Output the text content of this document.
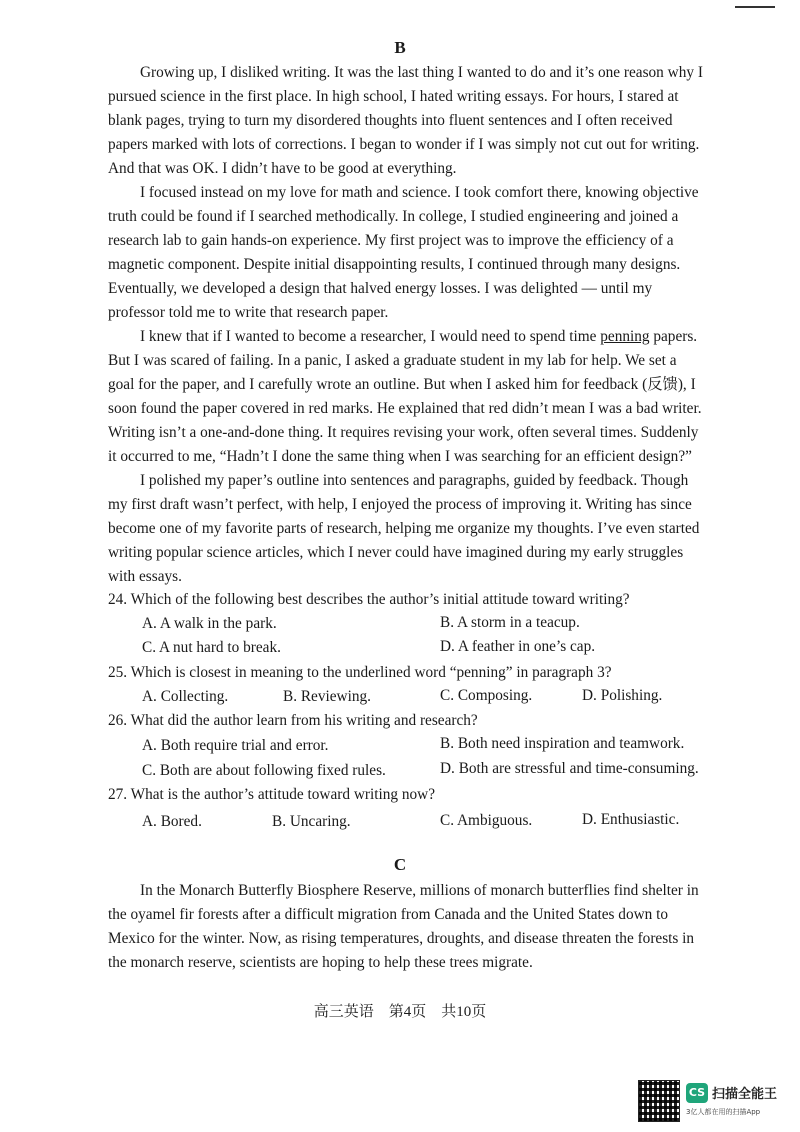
B
Growing up, I disliked writing. It was the last thing I wanted to do and it’s one reason why I
pursued science in the first place. In high school, I hated writing essays. For hours, I stared at
blank pages, trying to turn my disordered thoughts into fluent sentences and I often received
papers marked with lots of corrections. I began to wonder if I was simply not cut out for writing.
And that was OK. I didn’t have to be good at everything.
I focused instead on my love for math and science. I took comfort there, knowing objective
truth could be found if I searched methodically. In college, I studied engineering and joined a
research lab to gain hands-on experience. My first project was to improve the efficiency of a
magnetic component. Despite initial disappointing results, I continued through many designs.
Eventually, we developed a design that halved energy losses. I was delighted — until my
professor told me to write that research paper.
I knew that if I wanted to become a researcher, I would need to spend time penning papers.
But I was scared of failing. In a panic, I asked a graduate student in my lab for help. We set a
goal for the paper, and I carefully wrote an outline. But when I asked him for feedback (反馈), I
soon found the paper covered in red marks. He explained that red didn’t mean I was a bad writer.
Writing isn’t a one-and-done thing. It requires revising your work, often several times. Suddenly
it occurred to me, “Hadn’t I done the same thing when I was searching for an efficient design?”
I polished my paper’s outline into sentences and paragraphs, guided by feedback. Though
my first draft wasn’t perfect, with help, I enjoyed the process of improving it. Writing has since
become one of my favorite parts of research, helping me organize my thoughts. I’ve even started
writing popular science articles, which I never could have imagined during my early struggles
with essays.
24. Which of the following best describes the author’s initial attitude toward writing?
A. A walk in the park.	B. A storm in a teacup.
C. A nut hard to break.	D. A feather in one’s cap.
25. Which is closest in meaning to the underlined word “penning” in paragraph 3?
A. Collecting.	B. Reviewing.	C. Composing.	D. Polishing.
26. What did the author learn from his writing and research?
A. Both require trial and error.	B. Both need inspiration and teamwork.
C. Both are about following fixed rules.	D. Both are stressful and time-consuming.
27. What is the author’s attitude toward writing now?
A. Bored.	B. Uncaring.	C. Ambiguous.	D. Enthusiastic.
C
In the Monarch Butterfly Biosphere Reserve, millions of monarch butterflies find shelter in
the oyamel fir forests after a difficult migration from Canada and the United States down to
Mexico for the winter. Now, as rising temperatures, droughts, and disease threaten the forests in
the monarch reserve, scientists are hoping to help these trees migrate.
高三英语　第4页　共10页
CS 扫描全能王
3亿人都在用的扫描App
